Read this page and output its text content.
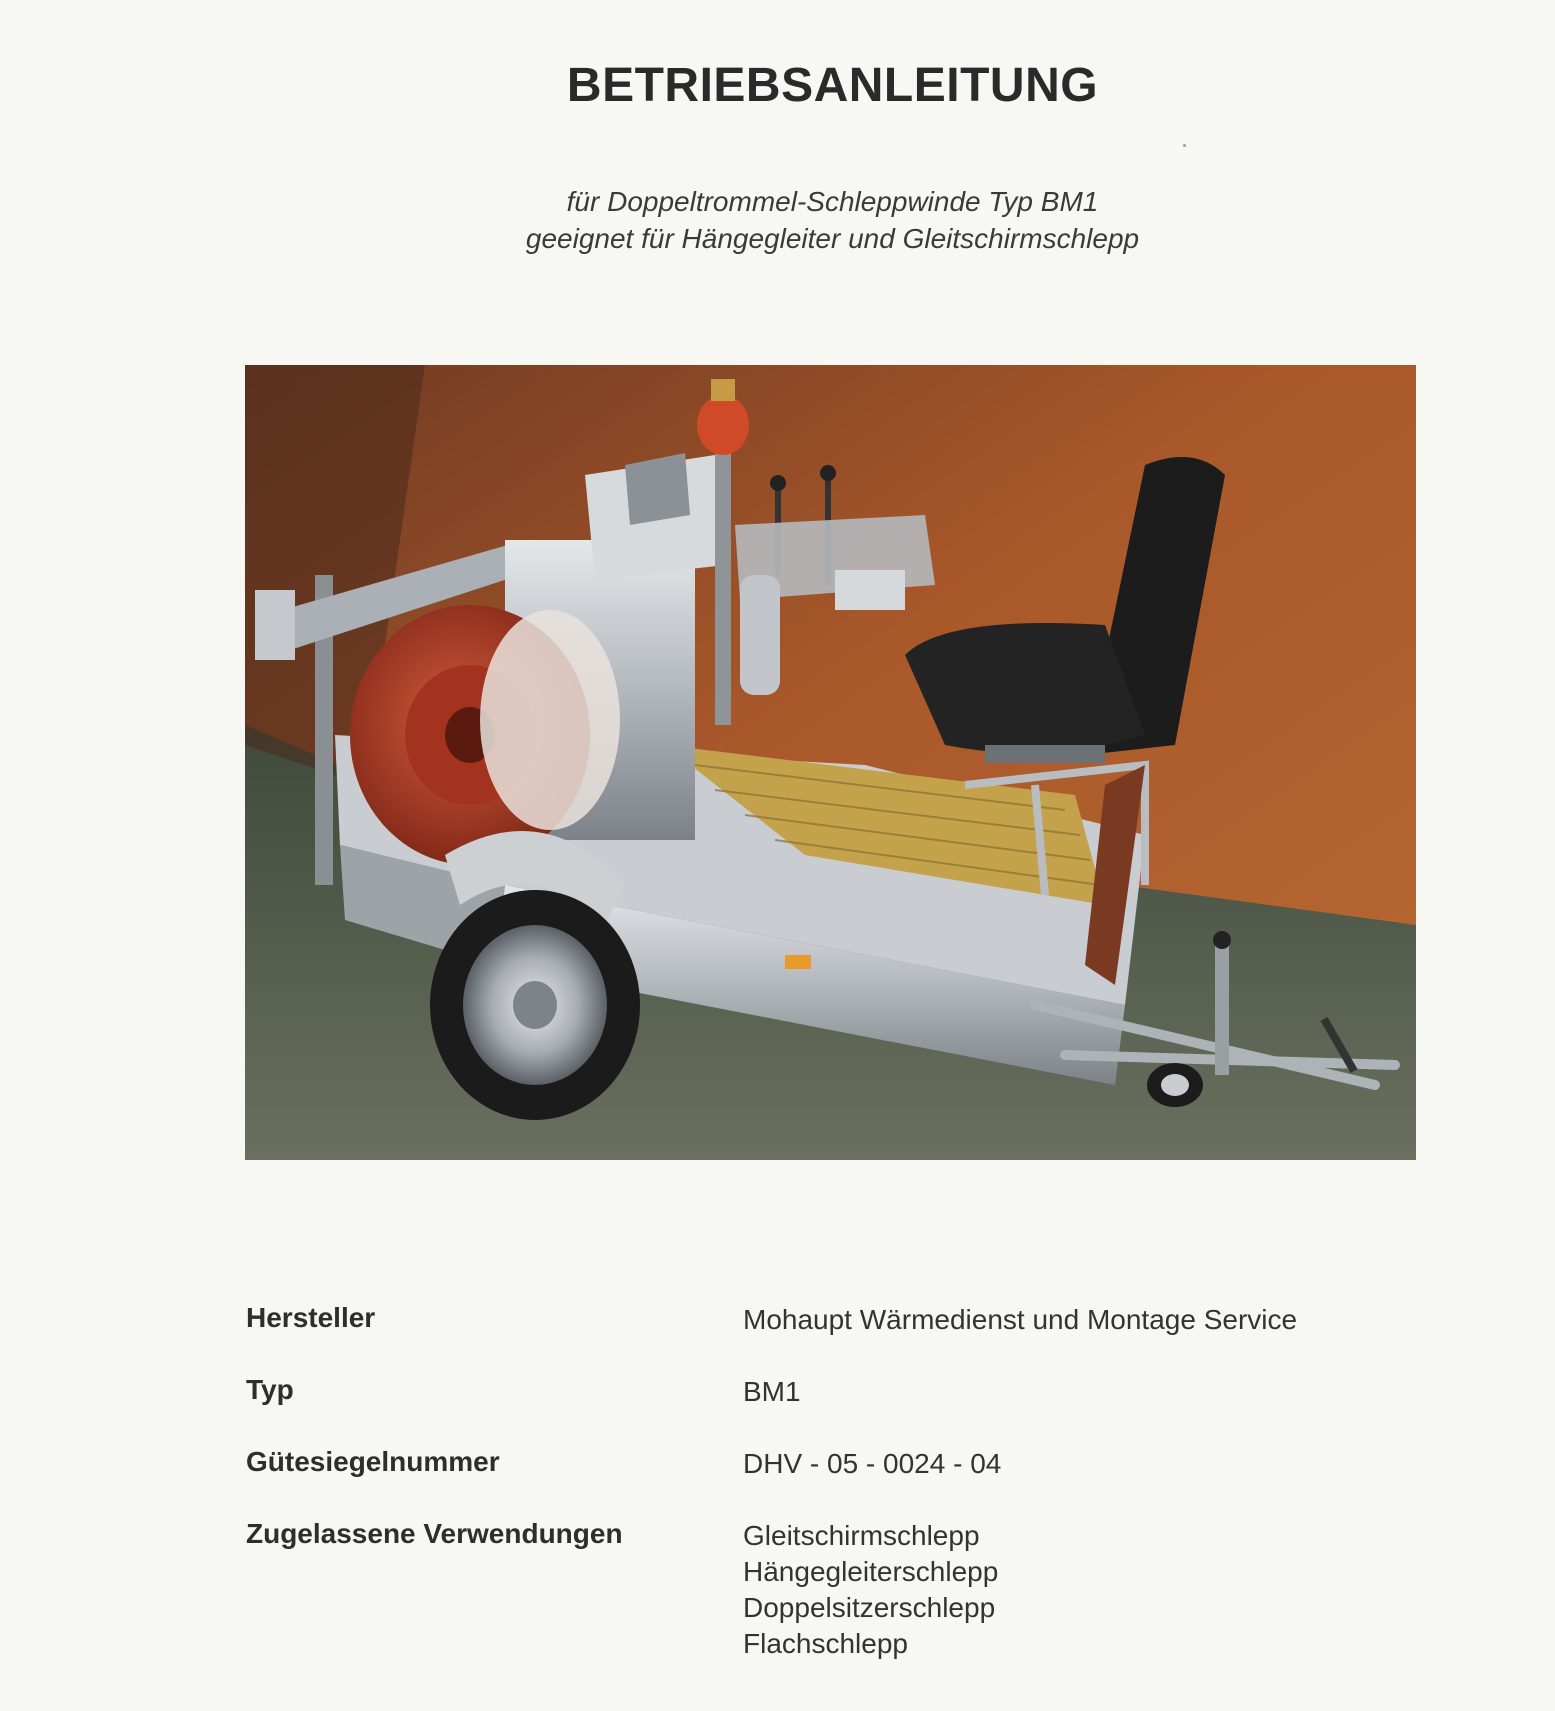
BETRIEBSANLEITUNG
für Doppeltrommel-Schleppwinde Typ BM1
geeignet für Hängegleiter und Gleitschirmschlepp
Hersteller	Mohaupt Wärmedienst und Montage Service
Typ	BM1
Gütesiegelnummer	DHV - 05 - 0024 - 04
Zugelassene Verwendungen	Gleitschirmschlepp
Hängegleiterschlepp
Doppelsitzerschlepp
Flachschlepp
